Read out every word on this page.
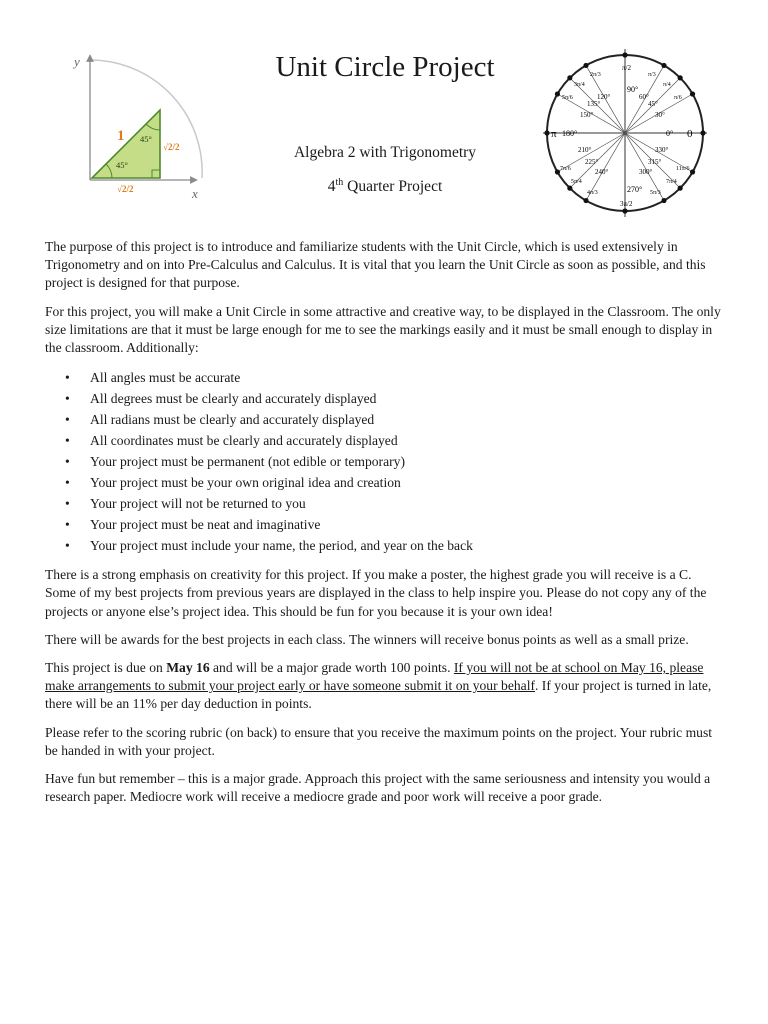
y
x
45°
45°
1
√2/2
√2/2
Unit Circle Project

Algebra 2 with Trigonometry

4th Quarter Project

0°
180°
90°
270°
30°
45°
60°
120°
135°
150°
210°
225°
240°	300°
315°
330°
0
π
π/2
3π/2
π/6
π/4
π/3
2π/3
3π/4
5π/6
7π/6
5π/4
4π/3	5π/3
7π/4
11π/6

The purpose of this project is to introduce and familiarize students with the Unit Circle, which is used extensively in Trigonometry and on into Pre-Calculus and Calculus. It is vital that you learn the Unit Circle as soon as possible, and this project is designed for that purpose.

For this project, you will make a Unit Circle in some attractive and creative way, to be displayed in the Classroom. The only size limitations are that it must be large enough for me to see the markings easily and it must be small enough to display in the classroom. Additionally:

• All angles must be accurate
• All degrees must be clearly and accurately displayed
• All radians must be clearly and accurately displayed
• All coordinates must be clearly and accurately displayed
• Your project must be permanent (not edible or temporary)
• Your project must be your own original idea and creation
• Your project will not be returned to you
• Your project must be neat and imaginative
• Your project must include your name, the period, and year on the back

There is a strong emphasis on creativity for this project. If you make a poster, the highest grade you will receive is a C. Some of my best projects from previous years are displayed in the class to help inspire you. Please do not copy any of the projects or anyone else’s project idea. This should be fun for you because it is your own idea!

There will be awards for the best projects in each class. The winners will receive bonus points as well as a small prize.

This project is due on May 16 and will be a major grade worth 100 points. If you will not be at school on May 16, please make arrangements to submit your project early or have someone submit it on your behalf. If your project is turned in late, there will be an 11% per day deduction in points.

Please refer to the scoring rubric (on back) to ensure that you receive the maximum points on the project. Your rubric must be handed in with your project.

Have fun but remember – this is a major grade. Approach this project with the same seriousness and intensity you would a research paper. Mediocre work will receive a mediocre grade and poor work will receive a poor grade.
